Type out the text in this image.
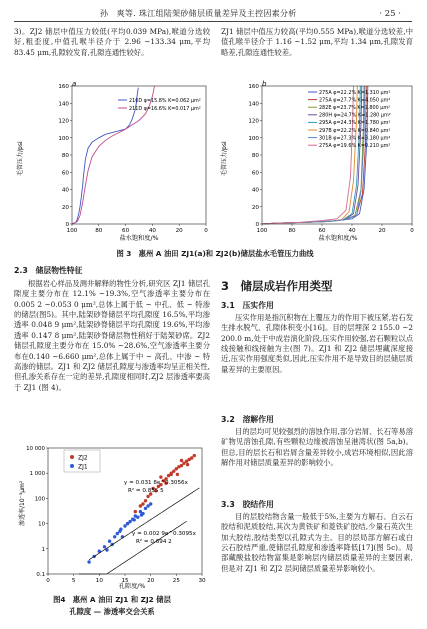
孙　爽等. 珠江组陆架砂储层质量差异及主控因素分析	· 25 ·

3)。ZJ2 储层中值压力较低(平均0.039 MPa),喉道分选较好,粗歪度,中值孔喉半径介于 2.96 ~133.34 μm,平均 83.45 μm,孔隙较发育,孔隙连通性较好。

ZJ1 储层中值压力较高(平均0.555 MPa),喉道分选较差,中值孔喉半径介于 1.16 ~1.52 μm,平均 1.34 μm,孔隙发育略差,孔隙连通性较差。

毛管压力/psi
盐水饱和度/%
a
0
20
40
60
80
100
120
140
160
100	80	60	40	20	0
216D φ=15.8% K=0.062 μm²
211D φ=16.6% K=0.017 μm²
毛管压力/psi
盐水饱和度/%
b
0
20
40
60
80
100
120
140
160
100	80	60	40	20	0
275A φ=22.2% K=1.310 μm²
275A φ=27.7% K=4.050 μm²
282E φ=23.7% K=1.800 μm²
280H φ=24.7% K=1.280 μm²
295A φ=24.3% K=1.780 μm²
297B φ=22.2% K=0.840 μm²
301B φ=27.3% K=3.180 μm²
275A φ=19.6% K=0.210 μm²
图 3　惠州 A 油田 ZJ1(a)和 ZJ2(b)储层盐水毛管压力曲线
2.3　储层物性特征

根据岩心样品及测井解释的物性分析,研究区 ZJ1 储层孔隙度主要分布在 12.1% ~19.3%,空气渗透率主要分布在0.005 2 ~0.053 0 μm²,总体上属于低 ~ 中孔、低 ~ 特渗的储层(图5)。其中,陆架砂脊储层平均孔隙度 16.5%,平均渗透率 0.048 9 μm²,陆架砂脊储层平均孔隙度 19.6%,平均渗透率 0.147 8 μm²,陆架砂脊储层物性稍好于陆架砂席。ZJ2 储层孔隙度主要分布在 15.0% ~28.6%,空气渗透率主要分布在0.140 ~6.660 μm²,总体上属于中 ~ 高孔、中渗 ~ 特高渗的储层。ZJ1 和 ZJ2 储层孔隙度与渗透率均呈正相关性,但孔渗关系存在一定的差异,孔隙度相同时,ZJ2 层渗透率要高于 ZJ1 (图 4)。

渗透率/10⁻³μm²
孔隙度/%
0.1
1
10
100
1 000
10 000
0	5	10	15	20	25	30
y = 0.031 8e^0.3056x
R² = 0.855 5
y = 0.002 9e^0.3095x
R² = 0.694 2
ZJ2
ZJ1
图4　惠州 A 油田 ZJ1 和 ZJ2 储层
孔隙度 — 渗透率交会关系
3　储层成岩作用类型
3.1　压实作用

压实作用是指沉积物在上覆压力的作用下被压紧,岩石发生排水脱气、孔隙体积变小[16]。目的层埋深 2 155.0 ~2 200.0 m,处于中成岩演化阶段,压实作用较强,岩石颗粒以点线接触和线接触为主(图 7)。ZJ1 和 ZJ2 储层埋藏深度接近,压实作用强度类似,因此,压实作用不是导致目的层储层质量差异的主要原因。

3.2　溶解作用

目的层均可见较强烈的溶蚀作用,部分岩屑、长石等易溶矿物见溶蚀孔隙,有些颗粒边缘被溶蚀呈港湾状(图 5a,b)。但总,目的层长石和岩屑含量差异较小,成岩环境相似,因此溶解作用对储层质量差异的影响较小。

3.3　胶结作用

目的层胶结物含量一般低于5%,主要为方解石、白云石胶结和泥质胶结,其次为黄铁矿和菱铁矿胶结,少量石英次生加大胶结,胶结类型以孔隙式为主。目的层局部方解石或白云石胶结严重,使储层孔隙度和渗透率降低[17](图 5c)。局部藏酸盐胶结物富集是影响层内储层质量差异的主要因素,但是对 ZJ1 和 ZJ2 层间储层质量差异影响较小。
